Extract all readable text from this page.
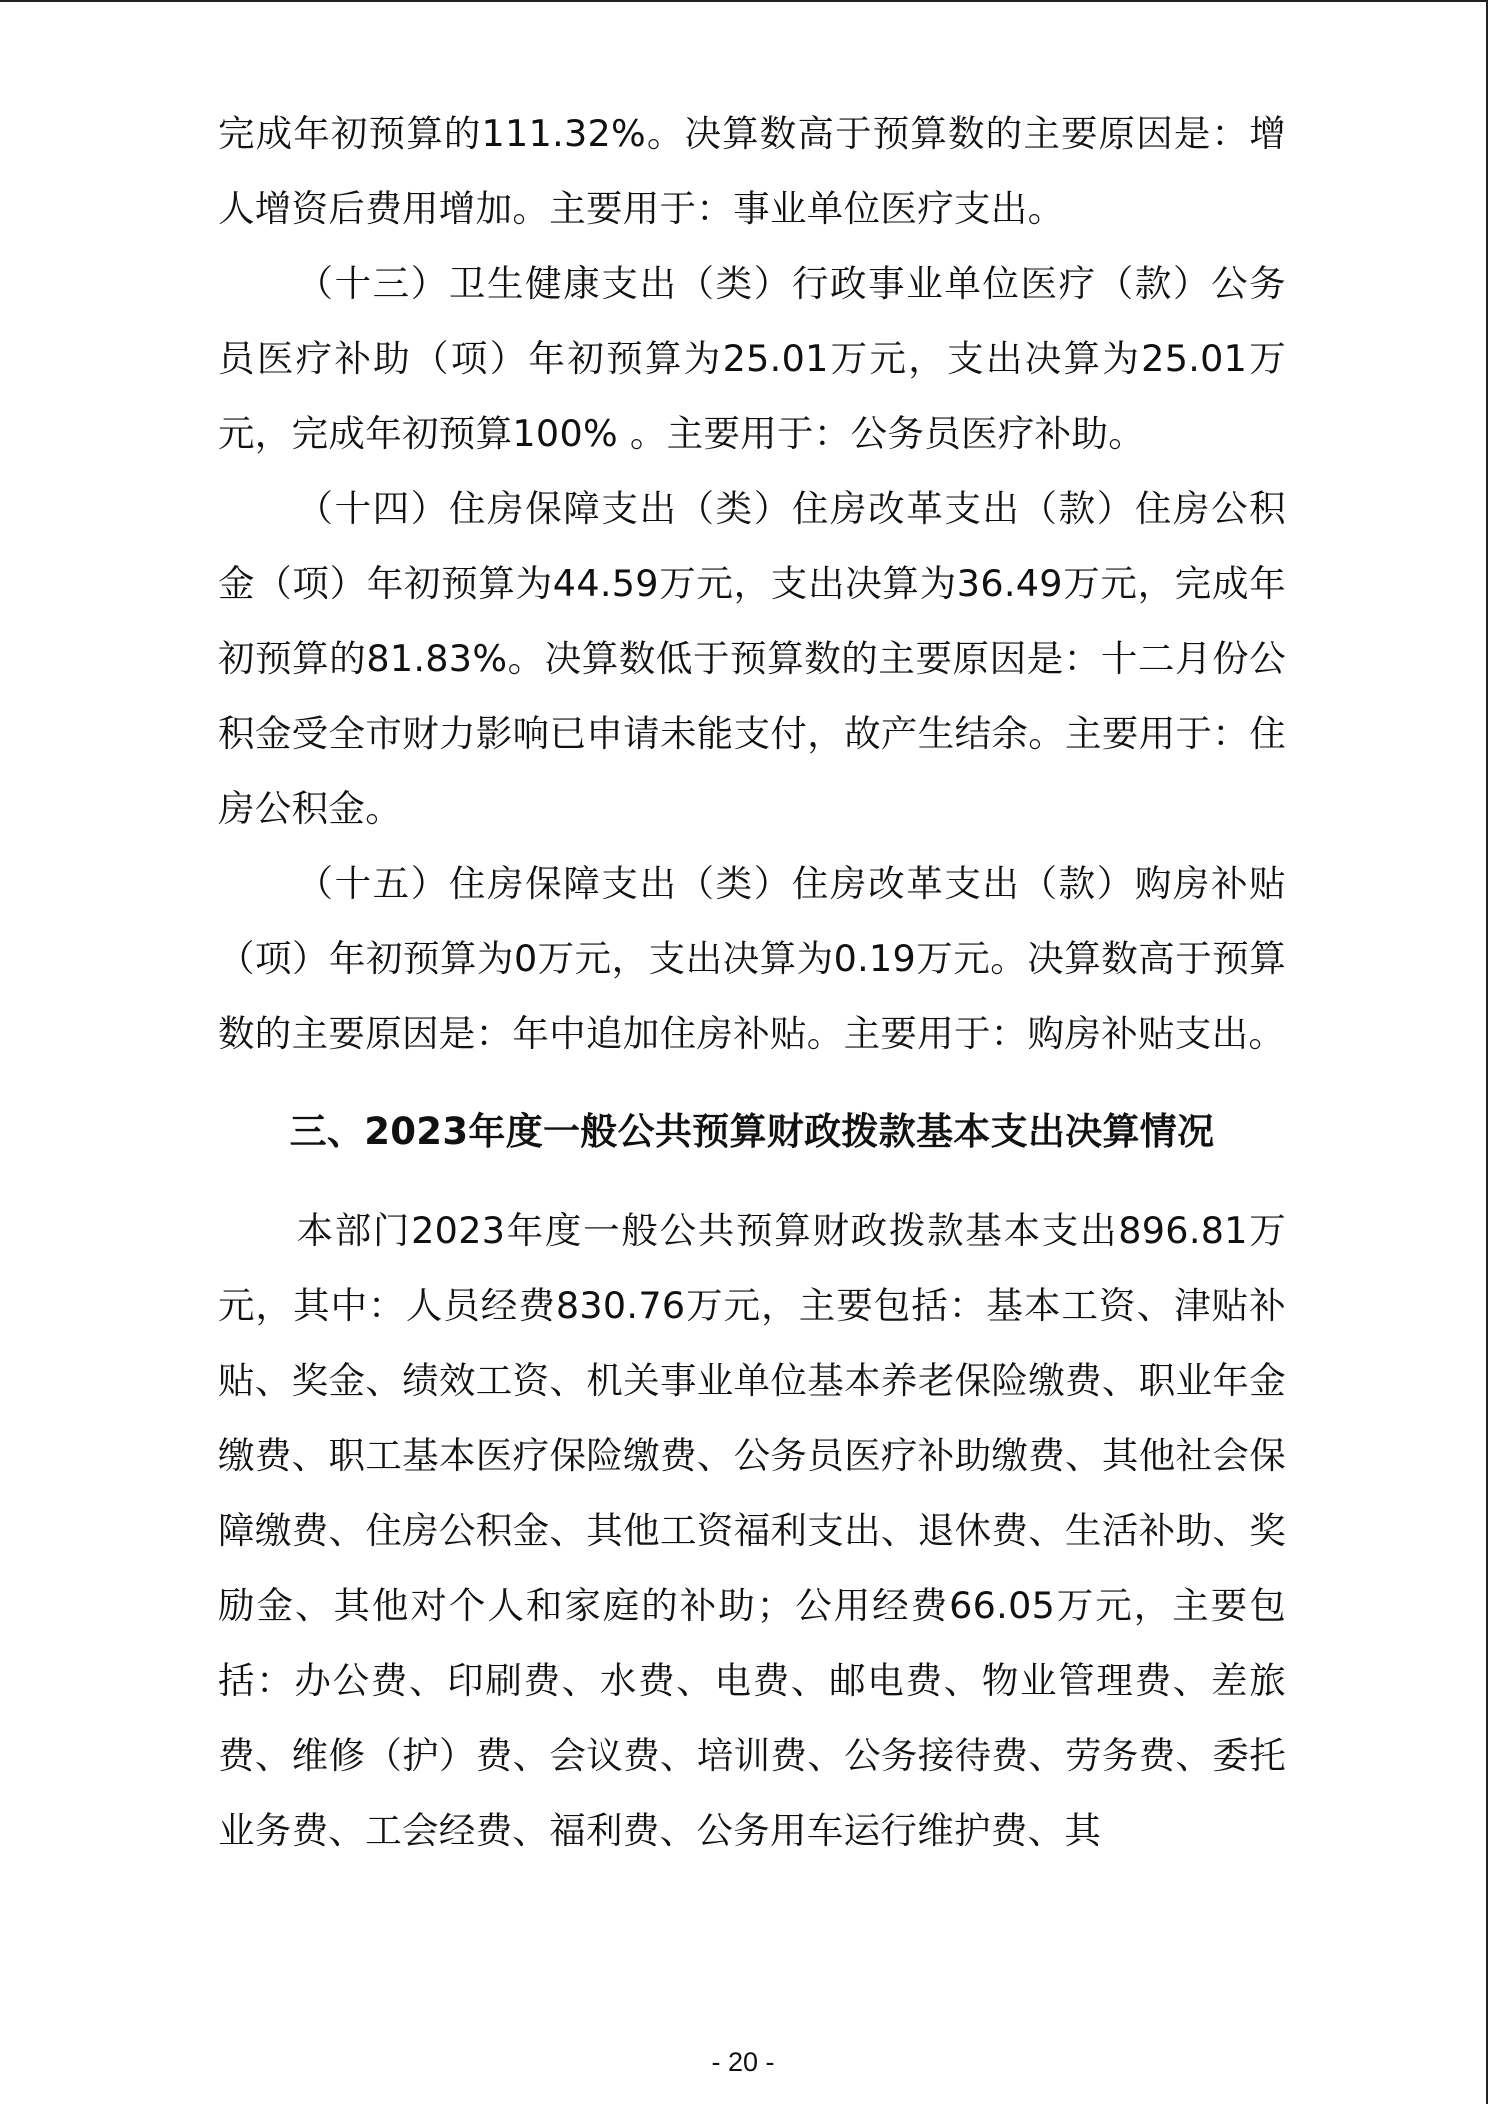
完成年初预算的111.32%。决算数高于预算数的主要原因是：增人增资后费用增加。主要用于：事业单位医疗支出。

（十三）卫生健康支出（类）行政事业单位医疗（款）公务员医疗补助（项）年初预算为25.01万元，支出决算为25.01万元，完成年初预算100% 。主要用于：公务员医疗补助。

（十四）住房保障支出（类）住房改革支出（款）住房公积金（项）年初预算为44.59万元，支出决算为36.49万元，完成年初预算的81.83%。决算数低于预算数的主要原因是：十二月份公积金受全市财力影响已申请未能支付，故产生结余。主要用于：住房公积金。

（十五）住房保障支出（类）住房改革支出（款）购房补贴（项）年初预算为0万元，支出决算为0.19万元。决算数高于预算数的主要原因是：年中追加住房补贴。主要用于：购房补贴支出。

三、2023年度一般公共预算财政拨款基本支出决算情况

本部门2023年度一般公共预算财政拨款基本支出896.81万元，其中：人员经费830.76万元，主要包括：基本工资、津贴补贴、奖金、绩效工资、机关事业单位基本养老保险缴费、职业年金缴费、职工基本医疗保险缴费、公务员医疗补助缴费、其他社会保障缴费、住房公积金、其他工资福利支出、退休费、生活补助、奖励金、其他对个人和家庭的补助；公用经费66.05万元，主要包括：办公费、印刷费、水费、电费、邮电费、物业管理费、差旅费、维修（护）费、会议费、培训费、公务接待费、劳务费、委托业务费、工会经费、福利费、公务用车运行维护费、其

- 20 -
